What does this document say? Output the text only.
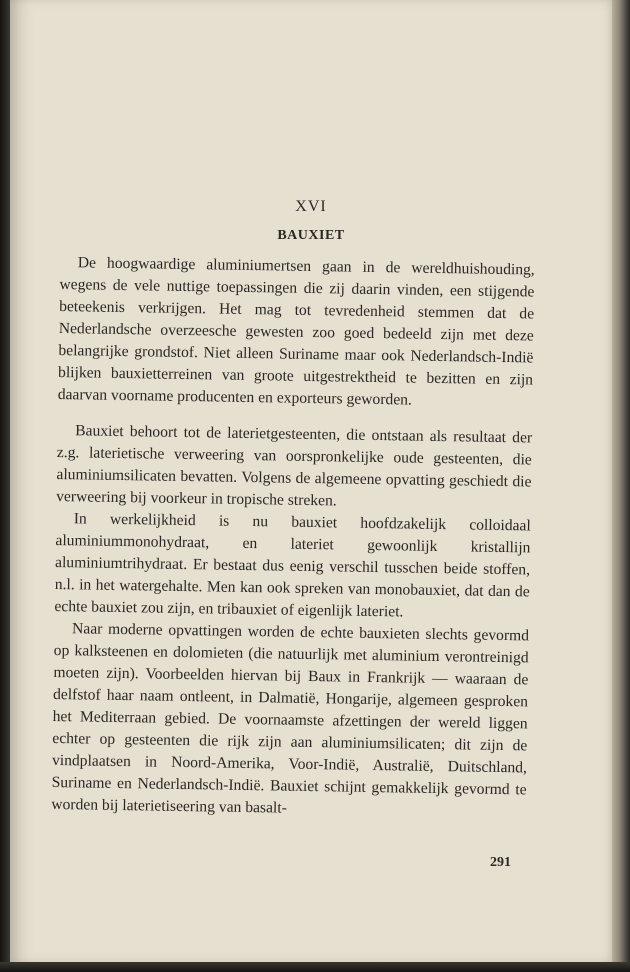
XVI
BAUXIET

De hoogwaardige aluminiumertsen gaan in de wereldhuishouding, wegens de vele nuttige toepassingen die zij daarin vinden, een stijgende beteekenis verkrijgen. Het mag tot tevredenheid stemmen dat de Nederlandsche overzeesche gewesten zoo goed bedeeld zijn met deze belangrijke grondstof. Niet alleen Suriname maar ook Nederlandsch-Indië blijken bauxietterreinen van groote uitgestrektheid te bezitten en zijn daarvan voorname producenten en exporteurs geworden.

Bauxiet behoort tot de laterietgesteenten, die ontstaan als resultaat der z.g. laterietische verweering van oorspronkelijke oude gesteenten, die aluminiumsilicaten bevatten. Volgens de algemeene opvatting geschiedt die verweering bij voorkeur in tropische streken.

In werkelijkheid is nu bauxiet hoofdzakelijk colloidaal aluminiummonohydraat, en lateriet gewoonlijk kristallijn aluminiumtrihydraat. Er bestaat dus eenig verschil tusschen beide stoffen, n.l. in het watergehalte. Men kan ook spreken van monobauxiet, dat dan de echte bauxiet zou zijn, en tribauxiet of eigenlijk lateriet.

Naar moderne opvattingen worden de echte bauxieten slechts gevormd op kalksteenen en dolomieten (die natuurlijk met aluminium verontreinigd moeten zijn). Voorbeelden hiervan bij Baux in Frankrijk — waaraan de delfstof haar naam ontleent, in Dalmatië, Hongarije, algemeen gesproken het Mediterraan gebied. De voornaamste afzettingen der wereld liggen echter op gesteenten die rijk zijn aan aluminiumsilicaten; dit zijn de vindplaatsen in Noord-Amerika, Voor-Indië, Australië, Duitschland, Suriname en Nederlandsch-Indië. Bauxiet schijnt gemakkelijk gevormd te worden bij laterietiseering van basalt-

291
